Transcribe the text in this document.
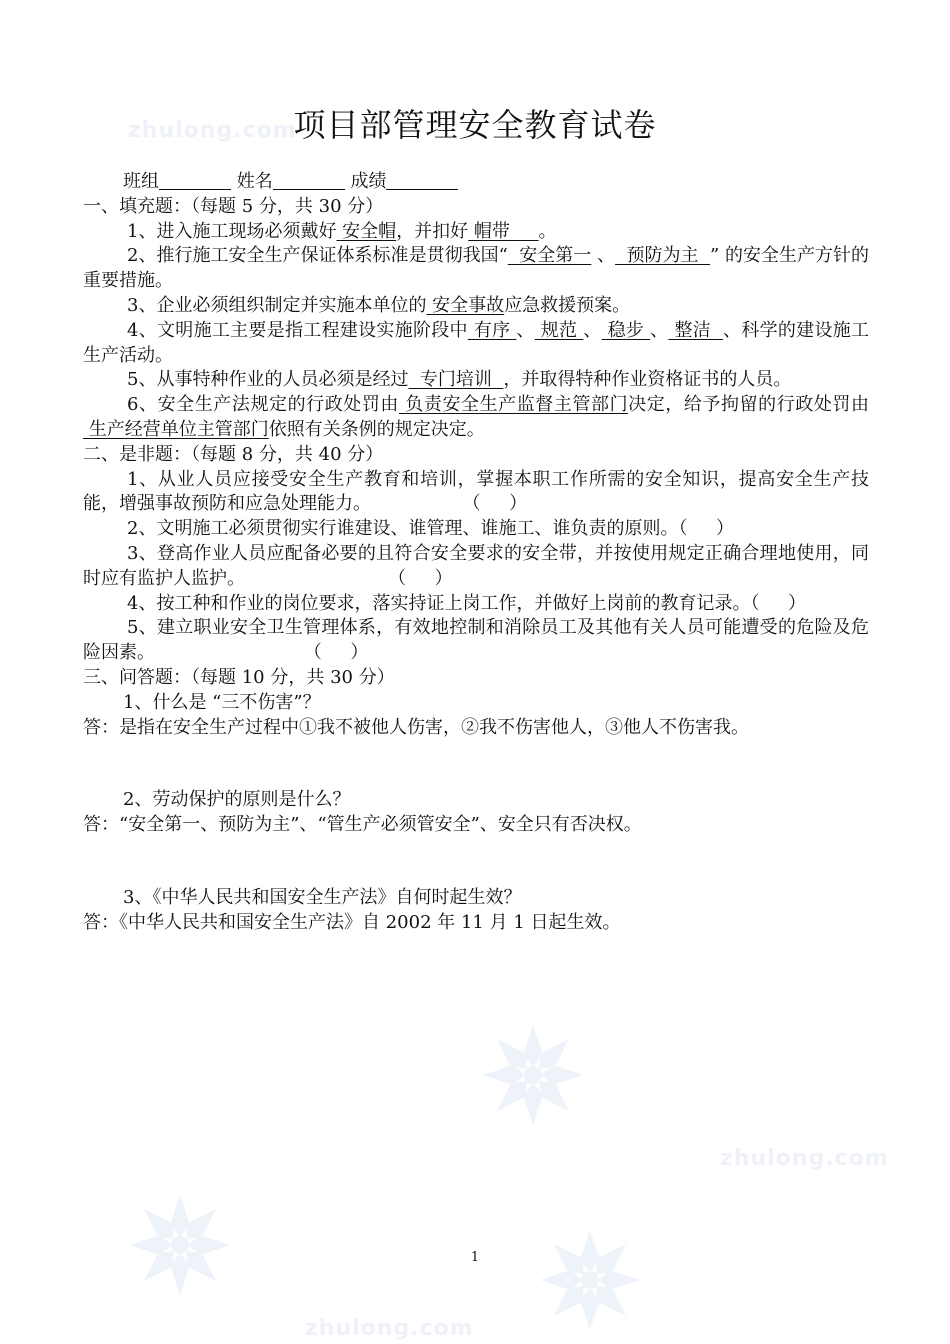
zhulong.com
zhulong.com
zhulong.com
项目部管理安全教育试卷
班组	姓名	成绩
一、填充题：（每题 5 分，共 30 分）
1、进入施工现场必须戴好 安全帽，并扣好 帽带     。
2、推行施工安全生产保证体系标准是贯彻我国“  安全第一 、  预防为主  ” 的安全生产方针的重要措施。
3、企业必须组织制定并实施本单位的 安全事故应急救援预案。
4、文明施工主要是指工程建设实施阶段中 有序 、 规范 、 稳步 、 整洁  、科学的建设施工生产活动。
5、从事特种作业的人员必须是经过  专门培训  ，并取得特种作业资格证书的人员。
6、安全生产法规定的行政处罚由 负责安全生产监督主管部门决定，给予拘留的行政处罚由 生产经营单位主管部门依照有关条例的规定决定。
二、是非题：（每题 8 分，共 40 分）
1、从业人员应接受安全生产教育和培训，掌握本职工作所需的安全知识，提高安全生产技能，增强事故预防和应急处理能力。                （     ）
2、文明施工必须贯彻实行谁建设、谁管理、谁施工、谁负责的原则。（     ）
3、登高作业人员应配备必要的且符合安全要求的安全带，并按使用规定正确合理地使用，同时应有监护人监护。                         （     ）
4、按工种和作业的岗位要求，落实持证上岗工作，并做好上岗前的教育记录。（     ）
5、建立职业安全卫生管理体系，有效地控制和消除员工及其他有关人员可能遭受的危险及危险因素。                          （     ）
三、问答题：（每题 10 分，共 30 分）
1、什么是 “三不伤害”？
答：是指在安全生产过程中①我不被他人伤害，②我不伤害他人，③他人不伤害我。
2、劳动保护的原则是什么？
答：“安全第一、预防为主”、“管生产必须管安全”、安全只有否决权。
3、《中华人民共和国安全生产法》自何时起生效？
答：《中华人民共和国安全生产法》自 2002 年 11 月 1 日起生效。
1
